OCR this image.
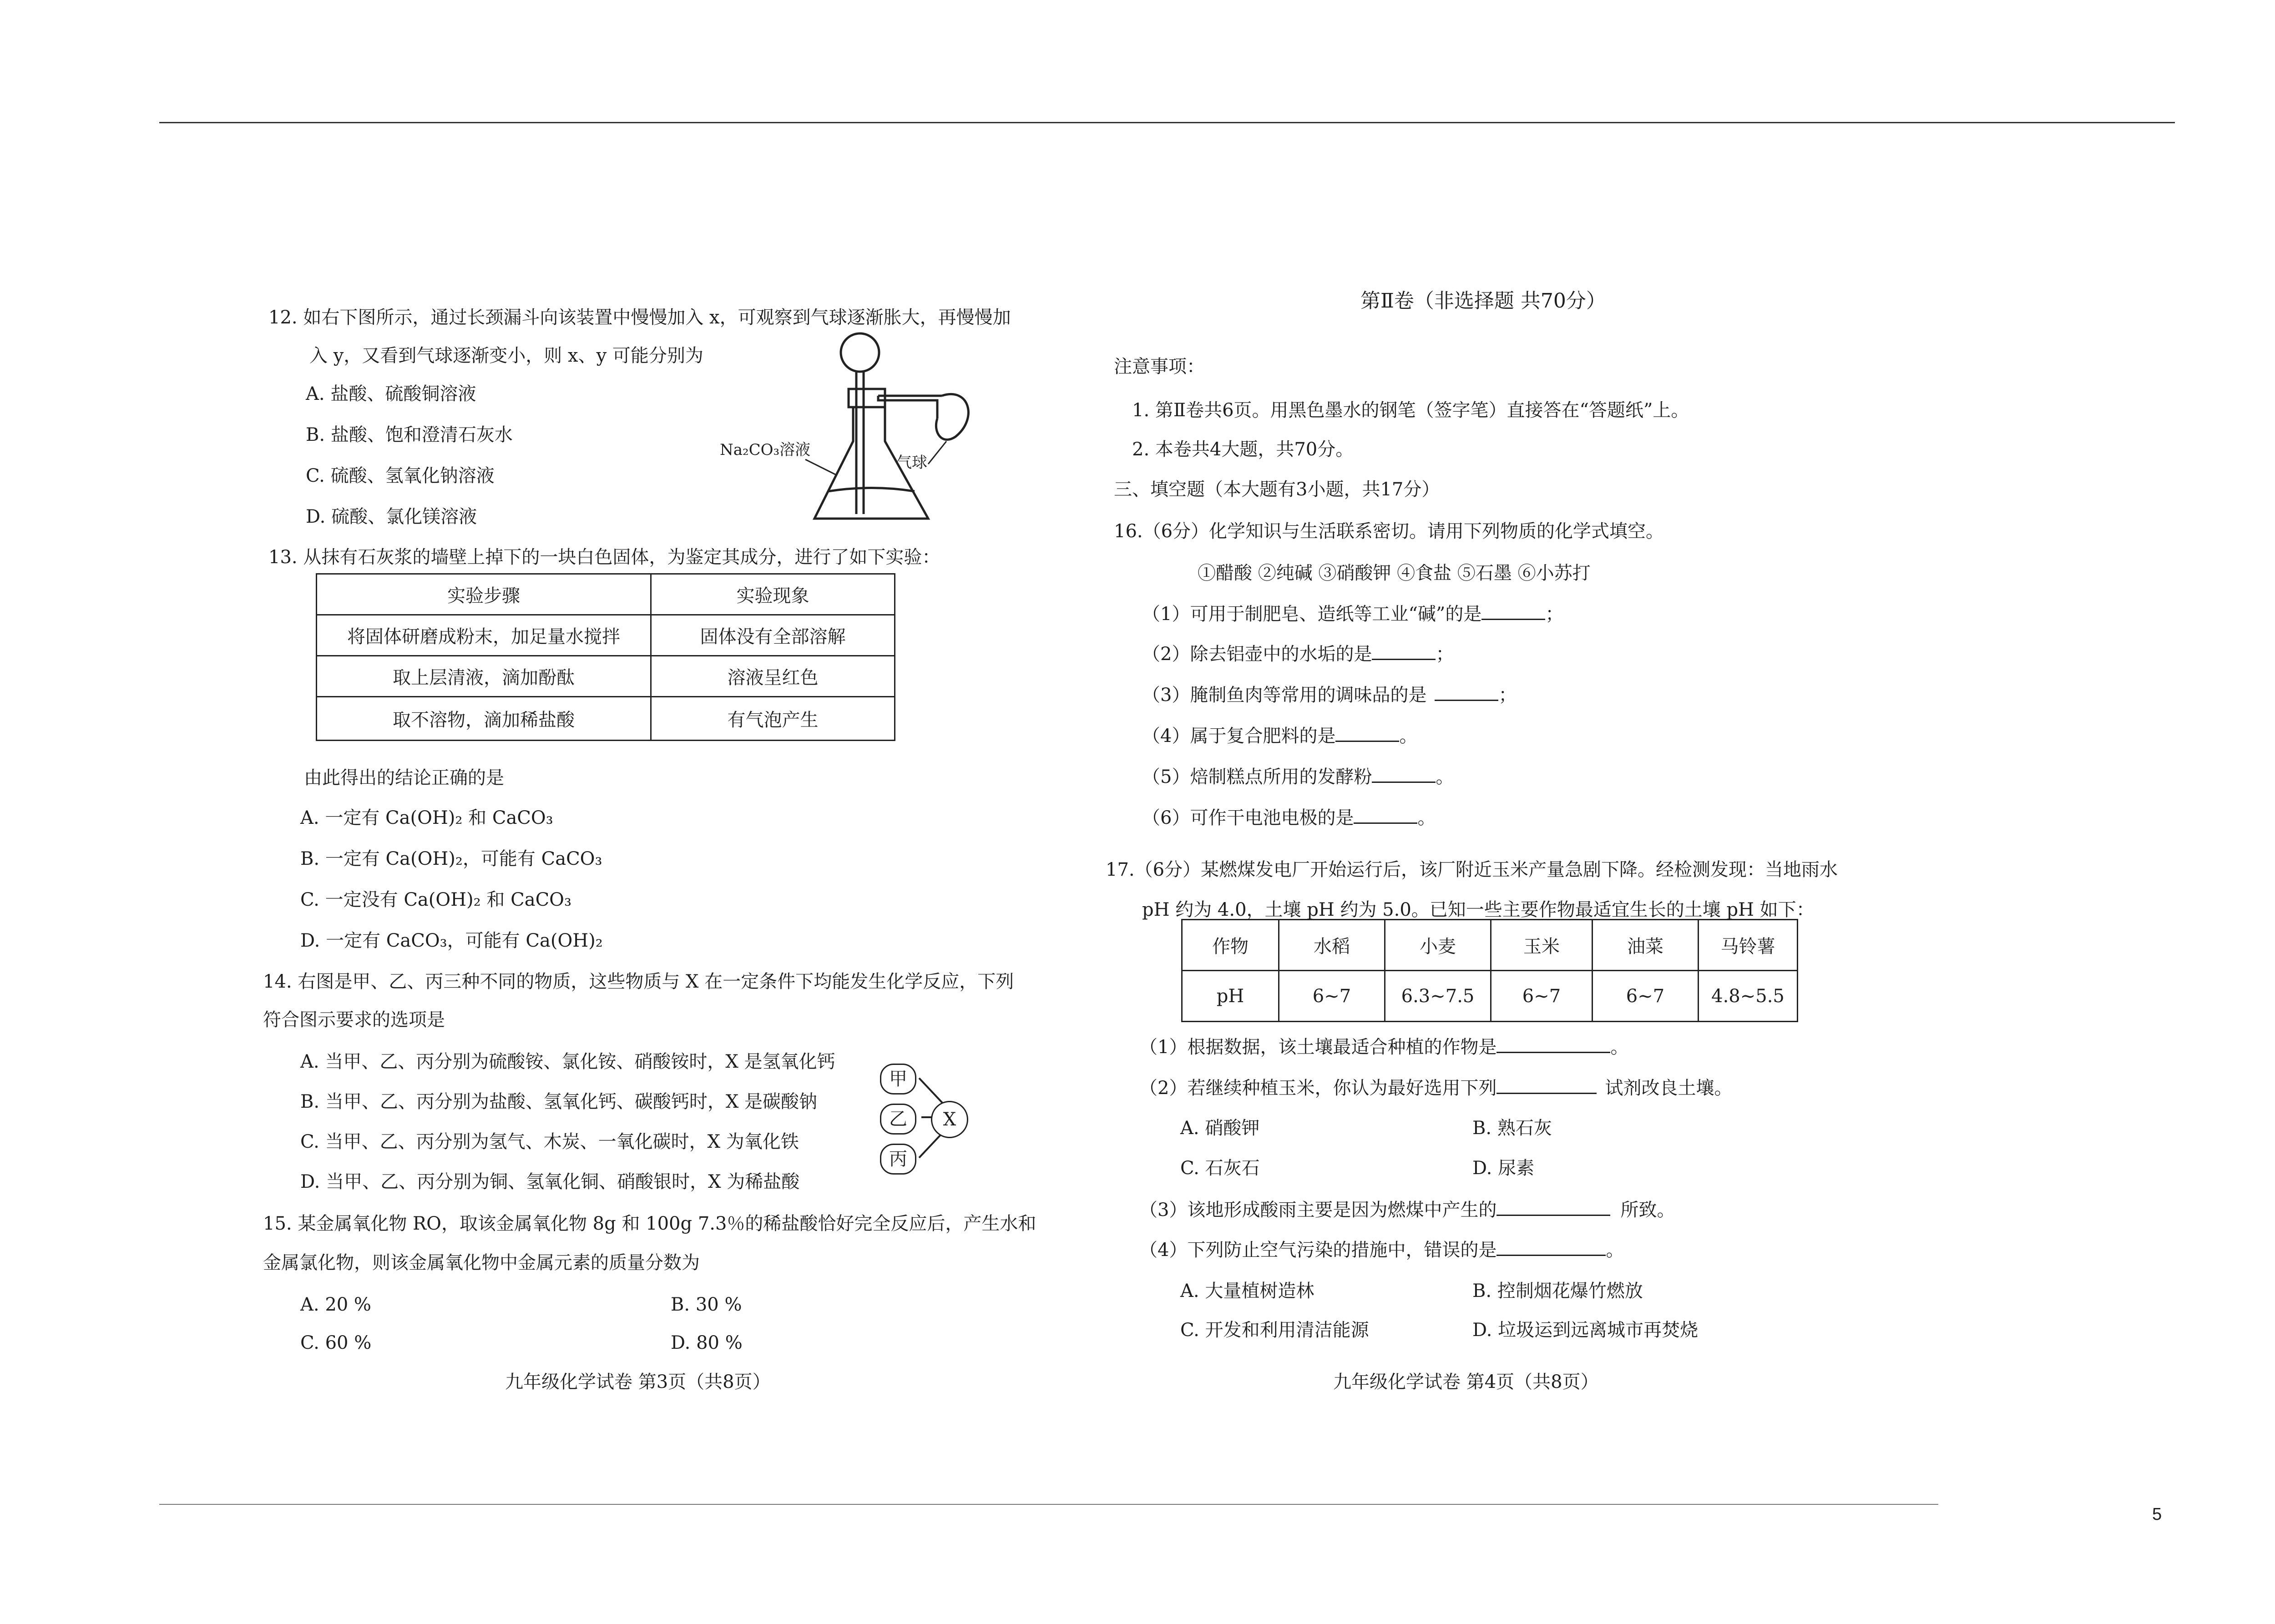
12. 如右下图所示，通过长颈漏斗向该装置中慢慢加入 x，可观察到气球逐渐胀大，再慢慢加
入 y，又看到气球逐渐变小，则 x、y 可能分别为
A. 盐酸、硫酸铜溶液
B. 盐酸、饱和澄清石灰水
C. 硫酸、氢氧化钠溶液
D. 硫酸、氯化镁溶液
Na₂CO₃溶液
气球
13. 从抹有石灰浆的墙壁上掉下的一块白色固体，为鉴定其成分，进行了如下实验：
实验步骤	实验现象
将固体研磨成粉末，加足量水搅拌	固体没有全部溶解
取上层清液，滴加酚酞	溶液呈红色
取不溶物，滴加稀盐酸	有气泡产生
由此得出的结论正确的是
A. 一定有 Ca(OH)₂ 和 CaCO₃
B. 一定有 Ca(OH)₂，可能有 CaCO₃
C. 一定没有 Ca(OH)₂ 和 CaCO₃
D. 一定有 CaCO₃，可能有 Ca(OH)₂
14. 右图是甲、乙、丙三种不同的物质，这些物质与 X 在一定条件下均能发生化学反应，下列
符合图示要求的选项是
A. 当甲、乙、丙分别为硫酸铵、氯化铵、硝酸铵时，X 是氢氧化钙
B. 当甲、乙、丙分别为盐酸、氢氧化钙、碳酸钙时，X 是碳酸钠
C. 当甲、乙、丙分别为氢气、木炭、一氧化碳时，X 为氧化铁
D. 当甲、乙、丙分别为铜、氢氧化铜、硝酸银时，X 为稀盐酸
甲
乙
丙
X
15. 某金属氧化物 RO，取该金属氧化物 8g 和 100g 7.3％的稀盐酸恰好完全反应后，产生水和
金属氯化物，则该金属氧化物中金属元素的质量分数为
A. 20 %	B. 30 %
C. 60 %	D. 80 %
九年级化学试卷 第3页（共8页）
第Ⅱ卷（非选择题 共70分）
注意事项：
1. 第Ⅱ卷共6页。用黑色墨水的钢笔（签字笔）直接答在“答题纸”上。
2. 本卷共4大题，共70分。
三、填空题（本大题有3小题，共17分）
16.（6分）化学知识与生活联系密切。请用下列物质的化学式填空。
①醋酸 ②纯碱 ③硝酸钾 ④食盐 ⑤石墨 ⑥小苏打
（1）可用于制肥皂、造纸等工业“碱”的是	；
（2）除去铝壶中的水垢的是	；
（3）腌制鱼肉等常用的调味品的是	；
（4）属于复合肥料的是	。
（5）焙制糕点所用的发酵粉	。
（6）可作干电池电极的是	。
17.（6分）某燃煤发电厂开始运行后，该厂附近玉米产量急剧下降。经检测发现：当地雨水
pH 约为 4.0，土壤 pH 约为 5.0。已知一些主要作物最适宜生长的土壤 pH 如下：
作物	水稻	小麦	玉米	油菜	马铃薯
pH	6~7	6.3~7.5	6~7	6~7	4.8~5.5
（1）根据数据，该土壤最适合种植的作物是	。
（2）若继续种植玉米，你认为最好选用下列	试剂改良土壤。
A. 硝酸钾	B. 熟石灰
C. 石灰石	D. 尿素
（3）该地形成酸雨主要是因为燃煤中产生的	所致。
（4）下列防止空气污染的措施中，错误的是	。
A. 大量植树造林	B. 控制烟花爆竹燃放
C. 开发和利用清洁能源	D. 垃圾运到远离城市再焚烧
九年级化学试卷 第4页（共8页）
5
